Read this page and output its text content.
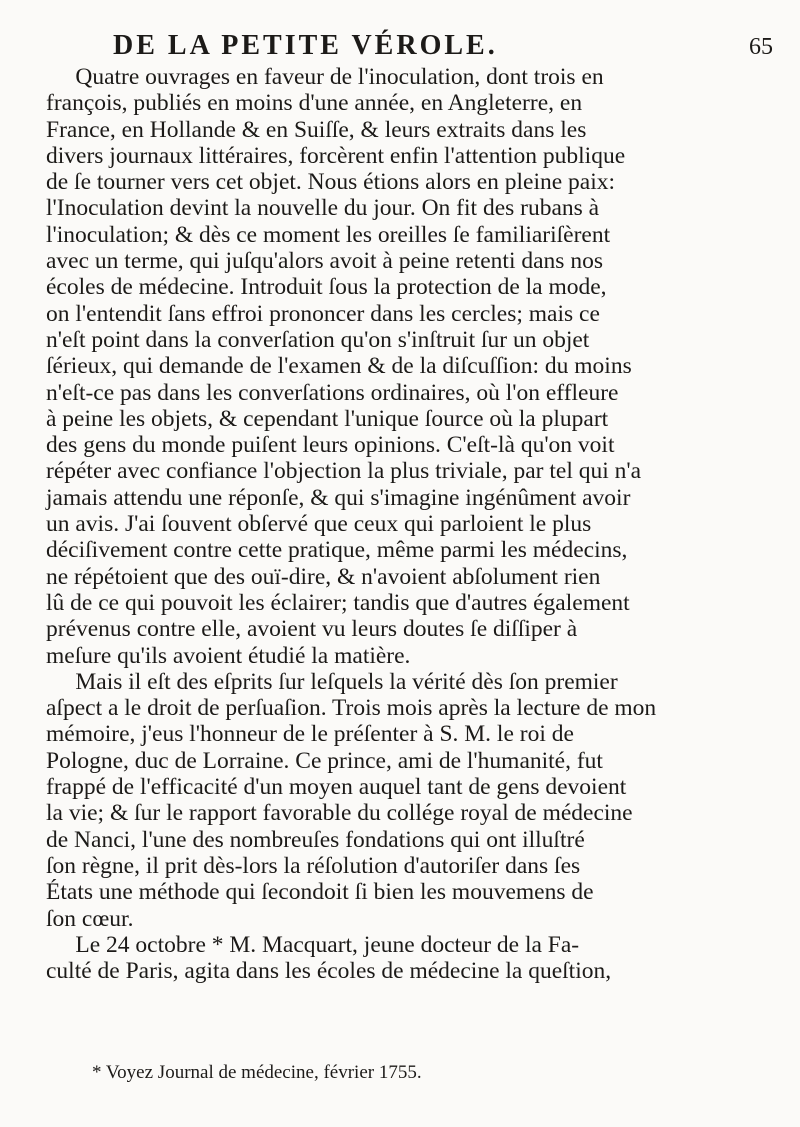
DE LA PETITE VÉROLE.	65
Quatre ouvrages en faveur de l'inoculation, dont trois en
françois, publiés en moins d'une année, en Angleterre, en
France, en Hollande & en Suiſſe, & leurs extraits dans les
divers journaux littéraires, forcèrent enfin l'attention publique
de ſe tourner vers cet objet. Nous étions alors en pleine paix:
l'Inoculation devint la nouvelle du jour. On fit des rubans à
l'inoculation; & dès ce moment les oreilles ſe familiariſèrent
avec un terme, qui juſqu'alors avoit à peine retenti dans nos
écoles de médecine. Introduit ſous la protection de la mode,
on l'entendit ſans effroi prononcer dans les cercles; mais ce
n'eſt point dans la converſation qu'on s'inſtruit ſur un objet
ſérieux, qui demande de l'examen & de la diſcuſſion: du moins
n'eſt-ce pas dans les converſations ordinaires, où l'on effleure
à peine les objets, & cependant l'unique ſource où la plupart
des gens du monde puiſent leurs opinions. C'eſt-là qu'on voit
répéter avec confiance l'objection la plus triviale, par tel qui n'a
jamais attendu une réponſe, & qui s'imagine ingénûment avoir
un avis. J'ai ſouvent obſervé que ceux qui parloient le plus
déciſivement contre cette pratique, même parmi les médecins,
ne répétoient que des ouï-dire, & n'avoient abſolument rien
lû de ce qui pouvoit les éclairer; tandis que d'autres également
prévenus contre elle, avoient vu leurs doutes ſe diſſiper à
meſure qu'ils avoient étudié la matière.
Mais il eſt des eſprits ſur leſquels la vérité dès ſon premier
aſpect a le droit de perſuaſion. Trois mois après la lecture de mon
mémoire, j'eus l'honneur de le préſenter à S. M. le roi de
Pologne, duc de Lorraine. Ce prince, ami de l'humanité, fut
frappé de l'efficacité d'un moyen auquel tant de gens devoient
la vie; & ſur le rapport favorable du collége royal de médecine
de Nanci, l'une des nombreuſes fondations qui ont illuſtré
ſon règne, il prit dès-lors la réſolution d'autoriſer dans ſes
États une méthode qui ſecondoit ſi bien les mouvemens de
ſon cœur.
Le 24 octobre * M. Macquart, jeune docteur de la Fa-
culté de Paris, agita dans les écoles de médecine la queſtion,
* Voyez Journal de médecine, février 1755.
